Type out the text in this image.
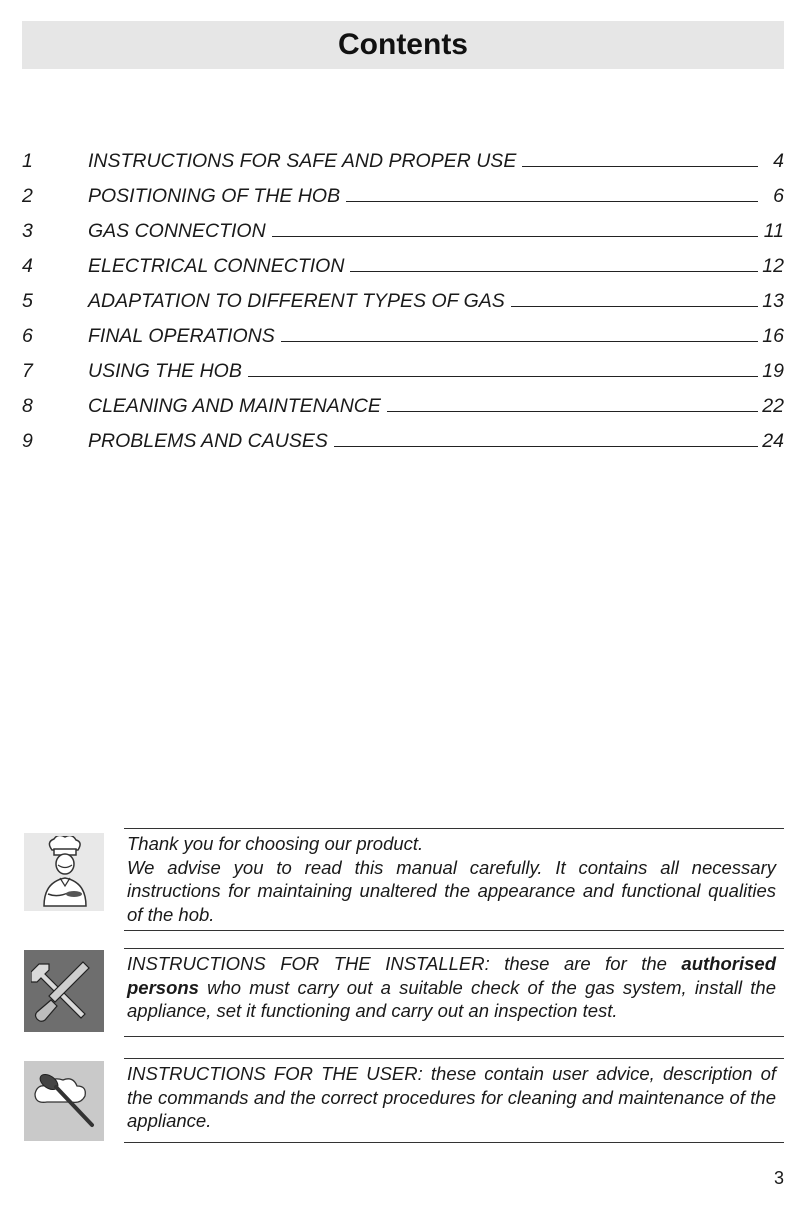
Contents
1	INSTRUCTIONS FOR SAFE AND PROPER USE	4
2	POSITIONING OF THE HOB	6
3	GAS CONNECTION	11
4	ELECTRICAL CONNECTION	12
5	ADAPTATION TO DIFFERENT TYPES OF GAS	13
6	FINAL OPERATIONS	16
7	USING THE HOB	19
8	CLEANING AND MAINTENANCE	22
9	PROBLEMS AND CAUSES	24

Thank you for choosing our product.

We advise you to read this manual carefully. It contains all necessary instructions for maintaining unaltered the appearance and functional qualities of the hob.

INSTRUCTIONS FOR THE INSTALLER: these are for the authorised persons who must carry out a suitable check of the gas system, install the appliance, set it functioning and carry out an inspection test.

INSTRUCTIONS FOR THE USER: these contain user advice, description of the commands and the correct procedures for cleaning and maintenance of the appliance.

3
